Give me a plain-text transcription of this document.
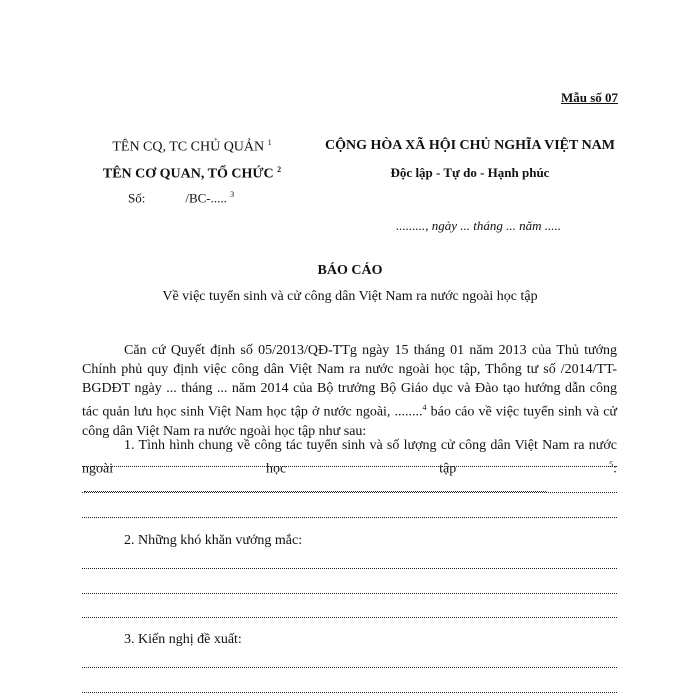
Mẫu số 07
TÊN CQ, TC CHỦ QUẢN $^1$
TÊN CƠ QUAN, TỔ CHỨC $^2$
Số:	/BC-..... $^3$
CỘNG HÒA XÃ HỘI CHỦ NGHĨA VIỆT NAM
Độc lập - Tự do - Hạnh phúc
........., ngày ... tháng ... năm .....
BÁO CÁO
Về việc tuyển sinh và cử công dân Việt Nam ra nước ngoài học tập
Căn cứ Quyết định số 05/2013/QĐ-TTg ngày 15 tháng 01 năm 2013 của Thủ tướng Chính phủ quy định việc công dân Việt Nam ra nước ngoài học tập, Thông tư số /2014/TT-BGDĐT ngày ... tháng ... năm 2014 của Bộ trưởng Bộ Giáo dục và Đào tạo hướng dẫn công tác quản lưu học sinh Việt Nam học tập ở nước ngoài, ........$^4$ báo cáo về việc tuyển sinh và cử công dân Việt Nam ra nước ngoài học tập như sau:
1. Tình hình chung về công tác tuyển sinh và số lượng cử công dân Việt Nam ra nước ngoài học tập	$^5$:
2. Những khó khăn vướng mắc:
3. Kiến nghị đề xuất:
